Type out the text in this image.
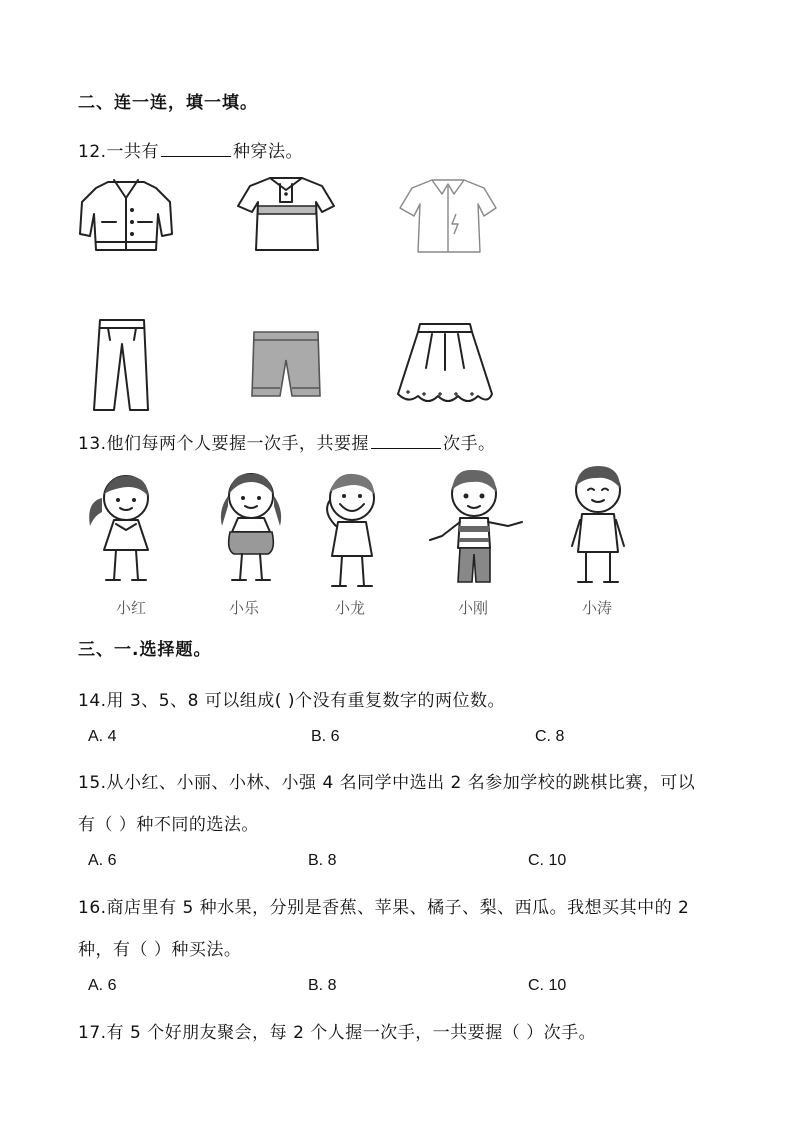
二、连一连，填一填。
12.一共有	种穿法。
13.他们每两个人要握一次手，共要握	次手。
小红	小乐	小龙	小刚	小涛
三、一.选择题。
14.用 3、5、8 可以组成( )个没有重复数字的两位数。
A. 4	B. 6	C. 8
15.从小红、小丽、小林、小强 4 名同学中选出 2 名参加学校的跳棋比赛，可以
有（ ）种不同的选法。
A. 6	B. 8	C. 10
16.商店里有 5 种水果，分别是香蕉、苹果、橘子、梨、西瓜。我想买其中的 2
种，有（ ）种买法。
A. 6	B. 8	C. 10
17.有 5 个好朋友聚会，每 2 个人握一次手，一共要握（ ）次手。
